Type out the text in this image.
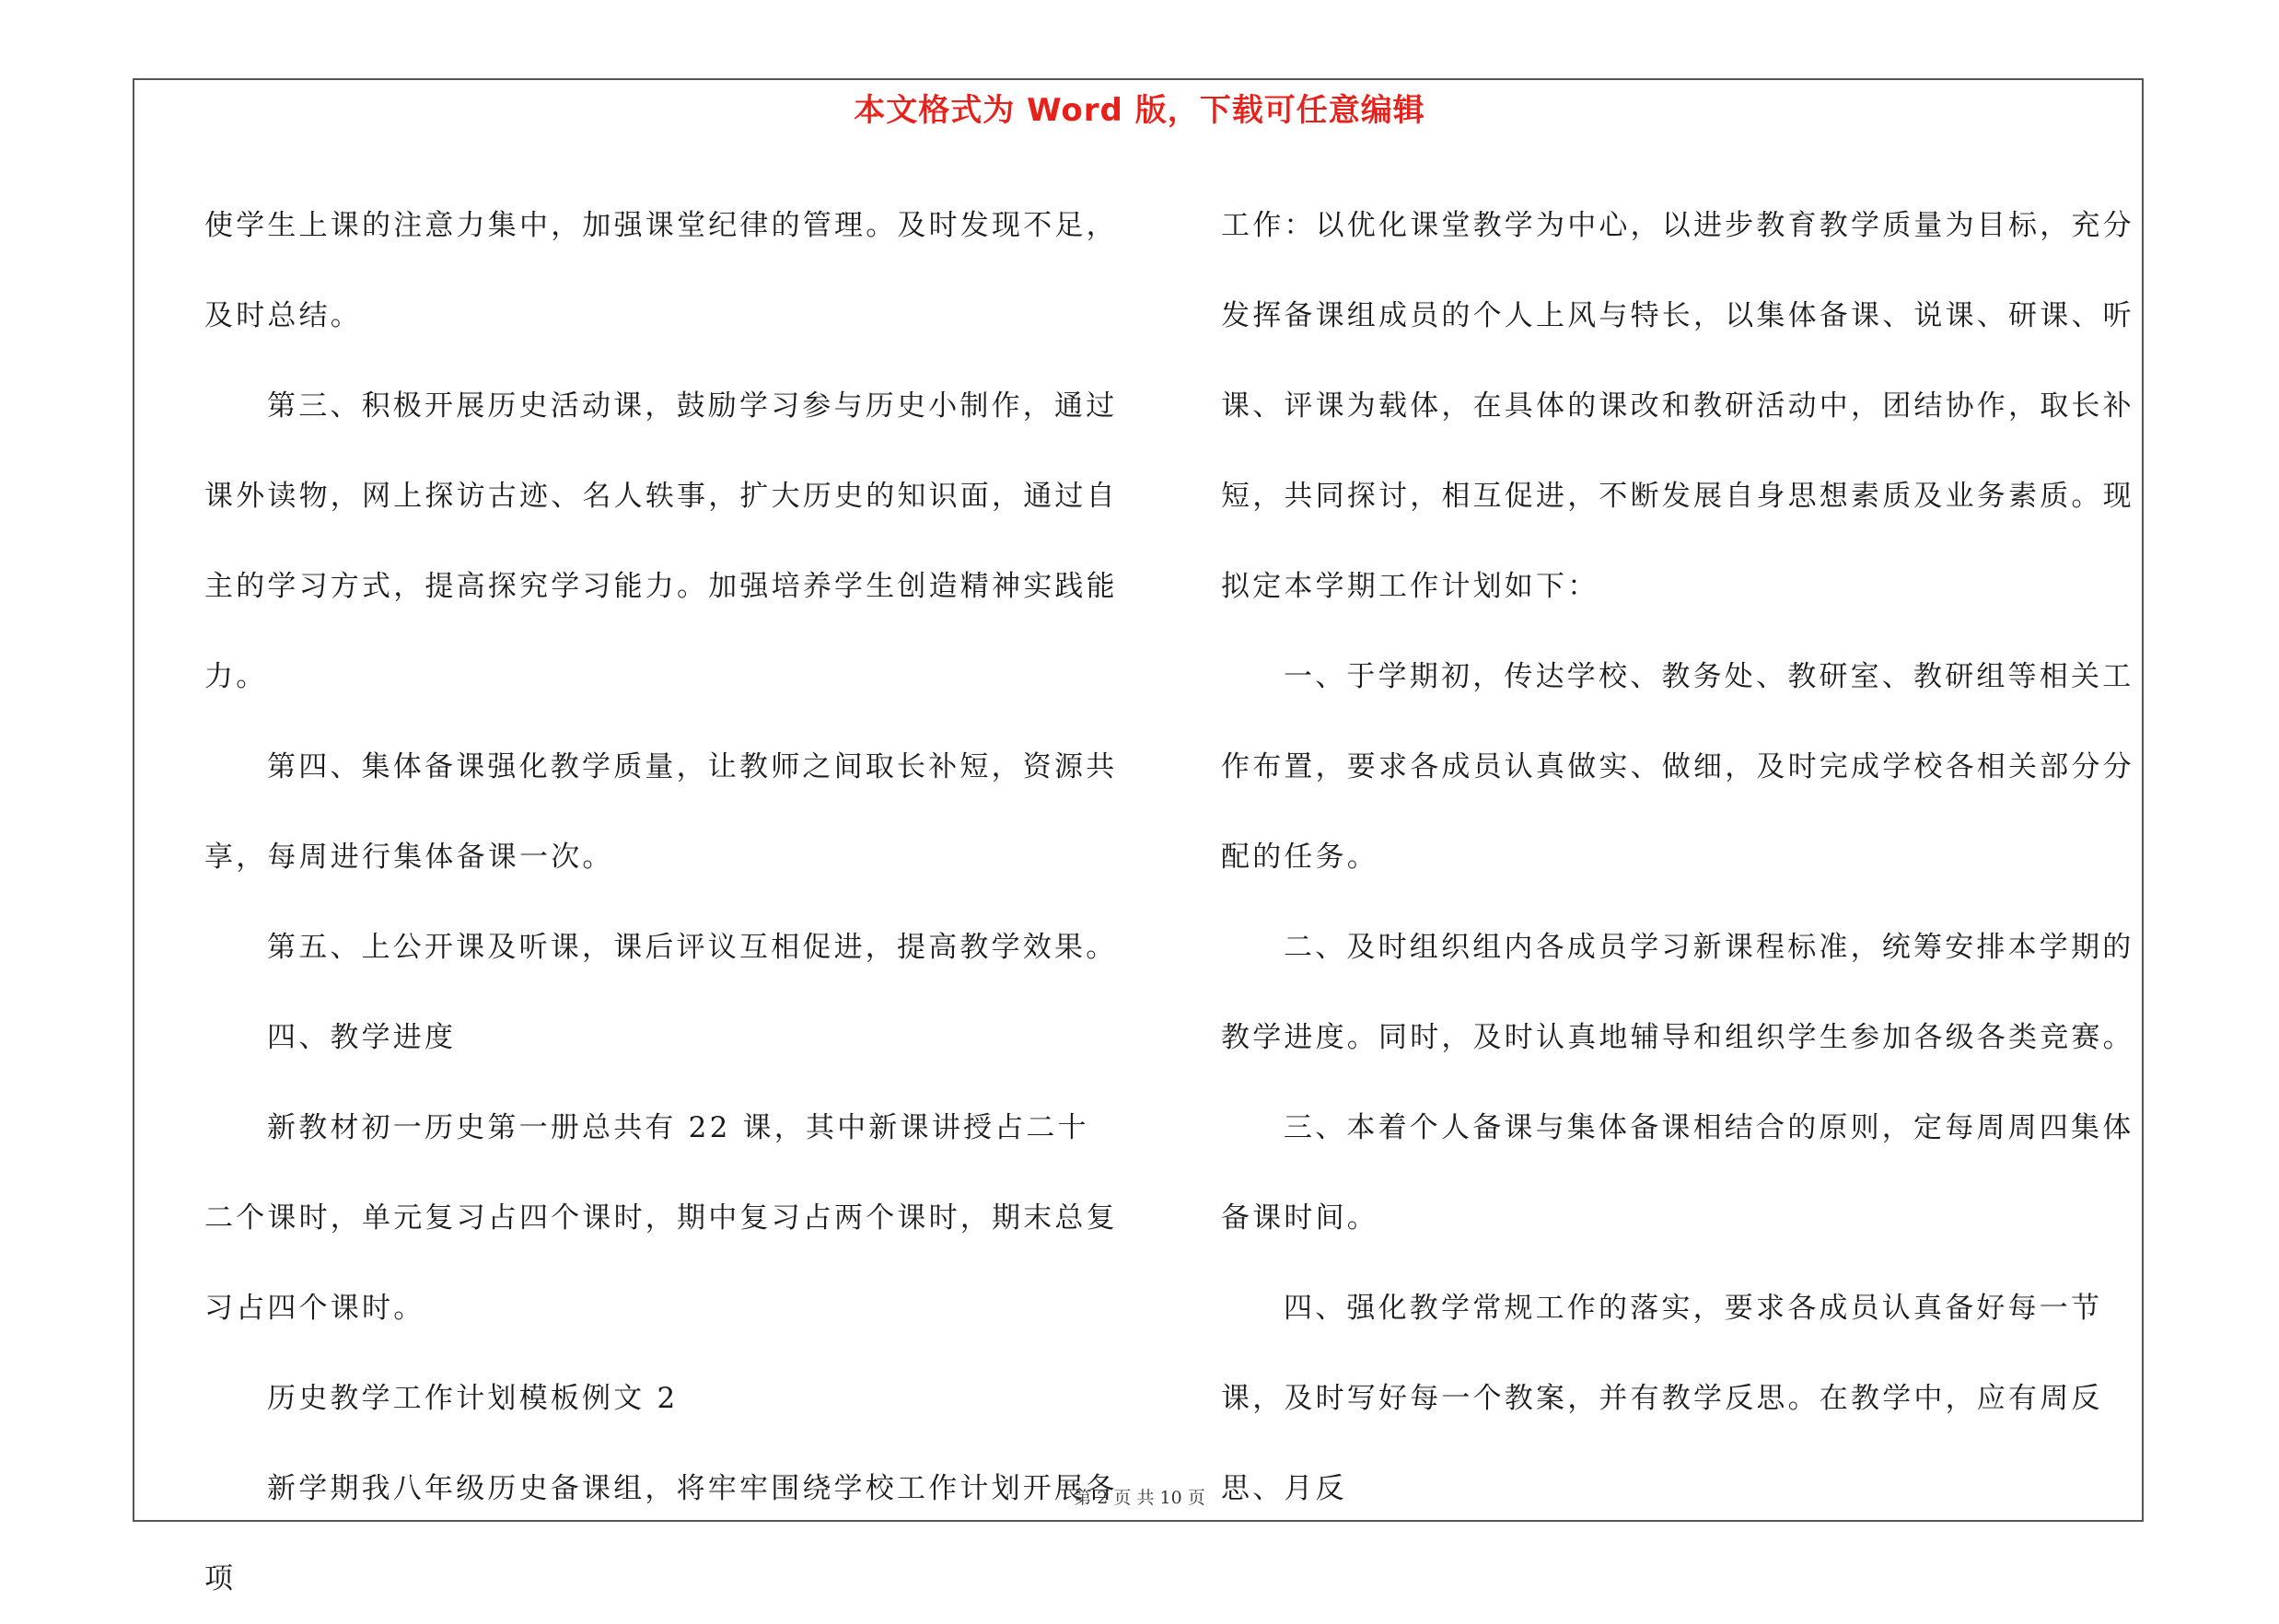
本文格式为 Word 版，下载可任意编辑

使学生上课的注意力集中，加强课堂纪律的管理。及时发现不足，及时总结。

第三、积极开展历史活动课，鼓励学习参与历史小制作，通过课外读物，网上探访古迹、名人轶事，扩大历史的知识面，通过自主的学习方式，提高探究学习能力。加强培养学生创造精神实践能力。

第四、集体备课强化教学质量，让教师之间取长补短，资源共享，每周进行集体备课一次。

第五、上公开课及听课，课后评议互相促进，提高教学效果。

四、教学进度

新教材初一历史第一册总共有 22 课，其中新课讲授占二十二个课时，单元复习占四个课时，期中复习占两个课时，期末总复习占四个课时。

历史教学工作计划模板例文 2

新学期我八年级历史备课组，将牢牢围绕学校工作计划开展各项

工作：以优化课堂教学为中心，以进步教育教学质量为目标，充分发挥备课组成员的个人上风与特长，以集体备课、说课、研课、听课、评课为载体，在具体的课改和教研活动中，团结协作，取长补短，共同探讨，相互促进，不断发展自身思想素质及业务素质。现拟定本学期工作计划如下：

一、于学期初，传达学校、教务处、教研室、教研组等相关工作布置，要求各成员认真做实、做细，及时完成学校各相关部分分配的任务。

二、及时组织组内各成员学习新课程标准，统筹安排本学期的教学进度。同时，及时认真地辅导和组织学生参加各级各类竞赛。

三、本着个人备课与集体备课相结合的原则，定每周周四集体备课时间。

四、强化教学常规工作的落实，要求各成员认真备好每一节课，及时写好每一个教案，并有教学反思。在教学中，应有周反思、月反

第 2 页 共 10 页
